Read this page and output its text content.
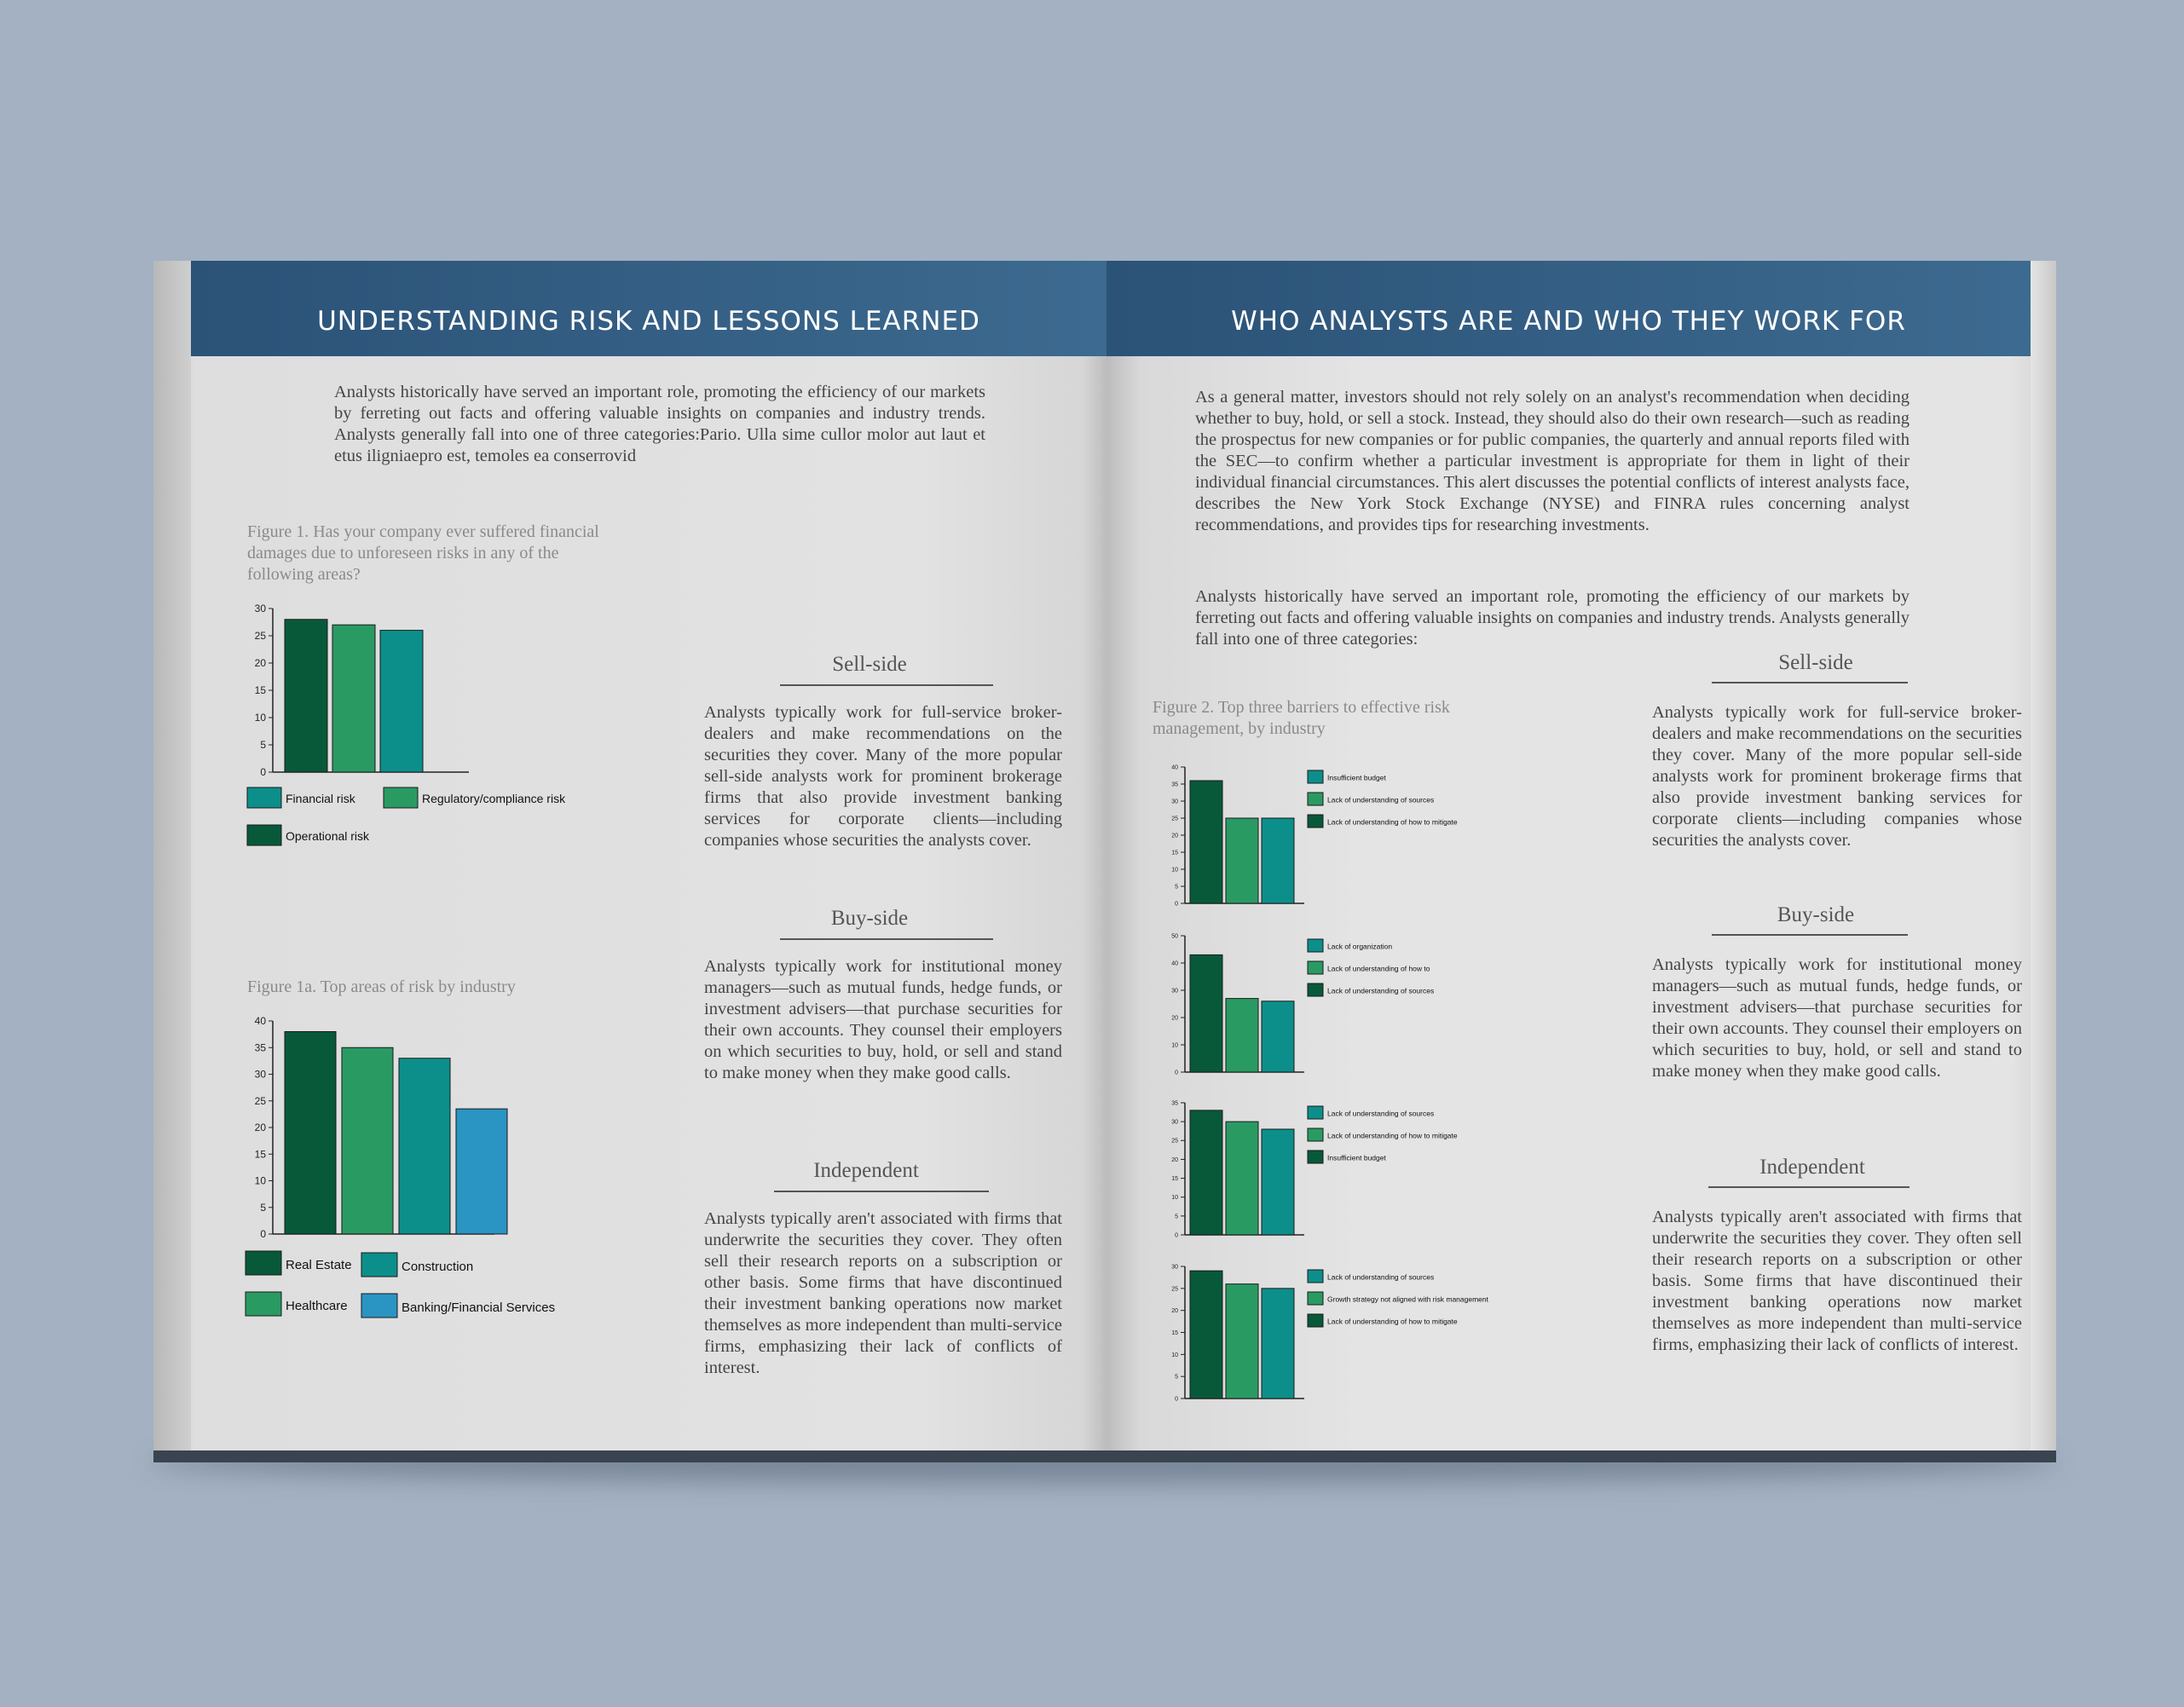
UNDERSTANDING RISK AND LESSONS LEARNED
Analysts historically have served an important role, promoting the efficiency of our markets by ferreting out facts and offering valuable insights on companies and industry trends. Analysts generally fall into one of three categories:Pario. Ulla sime cullor molor aut laut et etus iligniaepro est, temoles ea conserrovid
Figure 1. Has your company ever suffered financial damages due to unforeseen risks in any of the following areas?
0
5
10
15
20
25
30
Financial risk	Regulatory/compliance risk
Operational risk
Figure 1a. Top areas of risk by industry
0
5
10
15
20
25
30
35
40
Real Estate	Construction
Healthcare	Banking/Financial Services
Sell-side
Analysts typically work for full-service broker-dealers and make recommendations on the securities they cover. Many of the more popular sell-side analysts work for prominent brokerage firms that also provide investment banking services for corporate clients—including companies whose securities the analysts cover.
Buy-side
Analysts typically work for institutional money managers—such as mutual funds, hedge funds, or investment advisers—that purchase securities for their own accounts. They counsel their employers on which securities to buy, hold, or sell and stand to make money when they make good calls.
Independent
Analysts typically aren't associated with firms that underwrite the securities they cover. They often sell their research reports on a subscription or other basis. Some firms that have discontinued their investment banking operations now market themselves as more independent than multi-service firms, emphasizing their lack of conflicts of interest.
WHO ANALYSTS ARE AND WHO THEY WORK FOR
As a general matter, investors should not rely solely on an analyst's recommendation when deciding whether to buy, hold, or sell a stock. Instead, they should also do their own research—such as reading the prospectus for new companies or for public companies, the quarterly and annual reports filed with the SEC—to confirm whether a particular investment is appropriate for them in light of their individual financial circumstances. This alert discusses the potential conflicts of interest analysts face, describes the New York Stock Exchange (NYSE) and FINRA rules concerning analyst recommendations, and provides tips for researching investments.
Analysts historically have served an important role, promoting the efficiency of our markets by ferreting out facts and offering valuable insights on companies and industry trends. Analysts generally fall into one of three categories:
Figure 2. Top three barriers to effective risk management, by industry
0
5
10
15
20
25
30
35
40
Insufficient budget
Lack of understanding of sources
Lack of understanding of how to mitigate
0
10
20
30
40
50
Lack of organization
Lack of understanding of how to
Lack of understanding of sources
0
5
10
15
20
25
30
35
Lack of understanding of sources
Lack of understanding of how to mitigate
Insufficient budget
0
5
10
15
20
25
30
Lack of understanding of sources
Growth strategy not aligned with risk management
Lack of understanding of how to mitigate
Sell-side
Analysts typically work for full-service broker-dealers and make recommendations on the securities they cover. Many of the more popular sell-side analysts work for prominent brokerage firms that also provide investment banking services for corporate clients—including companies whose securities the analysts cover.
Buy-side
Analysts typically work for institutional money managers—such as mutual funds, hedge funds, or investment advisers—that purchase securities for their own accounts. They counsel their employers on which securities to buy, hold, or sell and stand to make money when they make good calls.
Independent
Analysts typically aren't associated with firms that underwrite the securities they cover. They often sell their research reports on a subscription or other basis. Some firms that have discontinued their investment banking operations now market themselves as more independent than multi-service firms, emphasizing their lack of conflicts of interest.
